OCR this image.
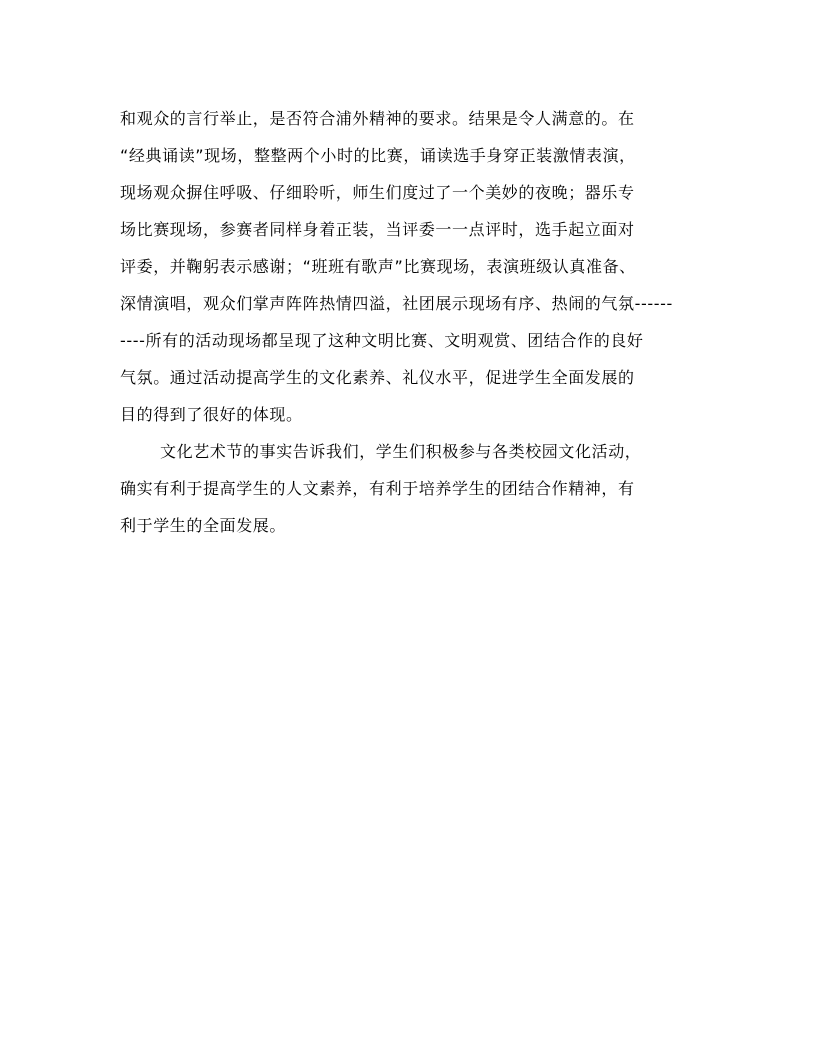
和观众的言行举止，是否符合浦外精神的要求。结果是令人满意的。在
“经典诵读”现场，整整两个小时的比赛，诵读选手身穿正装激情表演，
现场观众摒住呼吸、仔细聆听，师生们度过了一个美妙的夜晚；器乐专
场比赛现场，参赛者同样身着正装，当评委一一点评时，选手起立面对
评委，并鞠躬表示感谢；“班班有歌声”比赛现场，表演班级认真准备、
深情演唱，观众们掌声阵阵热情四溢，社团展示现场有序、热闹的气氛------
----所有的活动现场都呈现了这种文明比赛、文明观赏、团结合作的良好
气氛。通过活动提高学生的文化素养、礼仪水平，促进学生全面发展的
目的得到了很好的体现。
文化艺术节的事实告诉我们，学生们积极参与各类校园文化活动，
确实有利于提高学生的人文素养，有利于培养学生的团结合作精神，有
利于学生的全面发展。
